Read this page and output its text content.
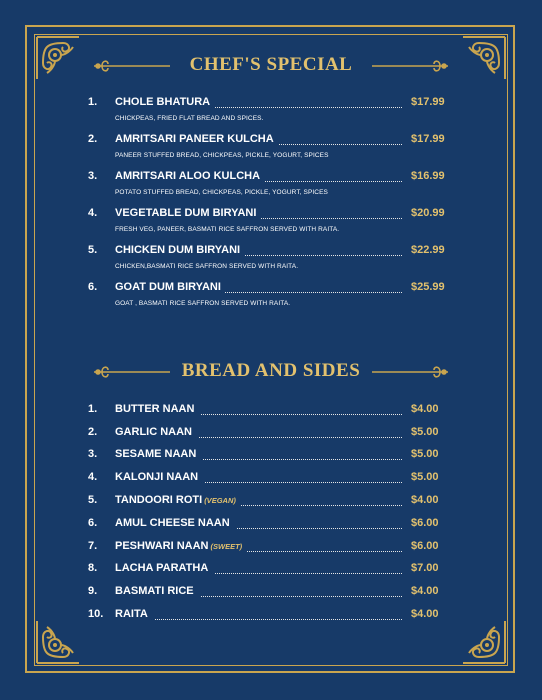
CHEF'S SPECIAL
1.	CHOLE BHATURA	$17.99
CHICKPEAS, FRIED FLAT BREAD AND SPICES.
2.	AMRITSARI PANEER KULCHA	$17.99
PANEER STUFFED BREAD, CHICKPEAS, PICKLE, YOGURT, SPICES
3.	AMRITSARI ALOO KULCHA	$16.99
POTATO STUFFED BREAD, CHICKPEAS, PICKLE, YOGURT, SPICES
4.	VEGETABLE DUM BIRYANI	$20.99
FRESH VEG, PANEER, BASMATI RICE SAFFRON SERVED WITH RAITA.
5.	CHICKEN DUM BIRYANI	$22.99
CHICKEN,BASMATI RICE SAFFRON SERVED WITH RAITA.
6.	GOAT DUM BIRYANI	$25.99
GOAT , BASMATI RICE SAFFRON SERVED WITH RAITA.
BREAD AND SIDES
1.	BUTTER NAAN	$4.00
2.	GARLIC NAAN	$5.00
3.	SESAME NAAN	$5.00
4.	KALONJI NAAN	$5.00
5.	TANDOORI ROTI (VEGAN)	$4.00
6.	AMUL CHEESE NAAN	$6.00
7.	PESHWARI NAAN (SWEET)	$6.00
8.	LACHA PARATHA	$7.00
9.	BASMATI RICE	$4.00
10.	RAITA	$4.00
